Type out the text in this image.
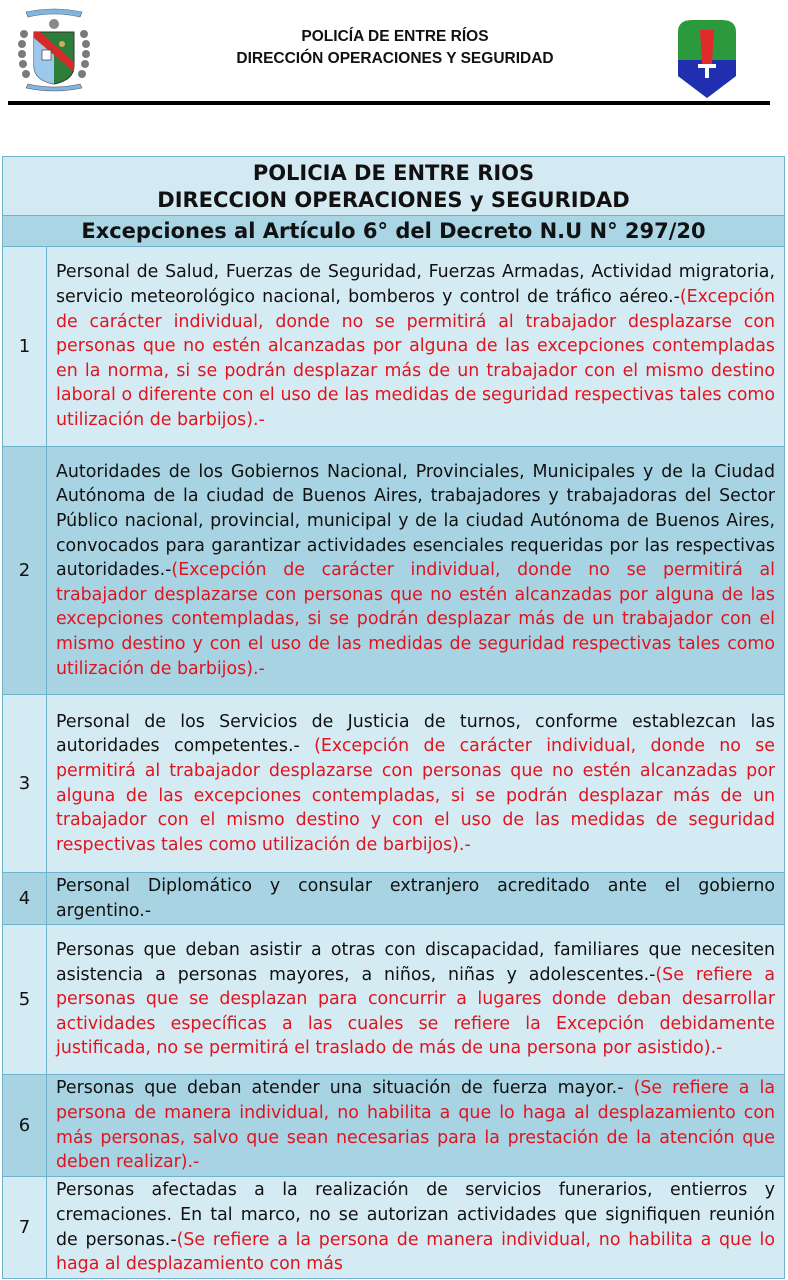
POLICÍA DE ENTRE RÍOS
DIRECCIÓN OPERACIONES Y SEGURIDAD
POLICIA DE ENTRE RIOS
DIRECCION OPERACIONES y SEGURIDAD	

Excepciones al Artículo 6° del Decreto N.U N° 297/20	
1	Personal de Salud, Fuerzas de Seguridad, Fuerzas Armadas, Actividad migratoria, servicio meteorológico nacional, bomberos y control de tráfico aéreo.-(Excepción de carácter individual, donde no se permitirá al trabajador desplazarse con personas que no estén alcanzadas por alguna de las excepciones contempladas en la norma, si se podrán desplazar más de un trabajador con el mismo destino laboral o diferente con el uso de las medidas de seguridad respectivas tales como utilización de barbijos).-
2	Autoridades de los Gobiernos Nacional, Provinciales, Municipales y de la Ciudad Autónoma de la ciudad de Buenos Aires, trabajadores y trabajadoras del Sector Público nacional, provincial, municipal y de la ciudad Autónoma de Buenos Aires, convocados para garantizar actividades esenciales requeridas por las respectivas autoridades.-(Excepción de carácter individual, donde no se permitirá al trabajador desplazarse con personas que no estén alcanzadas por alguna de las excepciones contempladas, si se podrán desplazar más de un trabajador con el mismo destino y con el uso de las medidas de seguridad respectivas tales como utilización de barbijos).-
3	Personal de los Servicios de Justicia de turnos, conforme establezcan las autoridades competentes.- (Excepción de carácter individual, donde no se permitirá al trabajador desplazarse con personas que no estén alcanzadas por alguna de las excepciones contempladas, si se podrán desplazar más de un trabajador con el mismo destino y con el uso de las medidas de seguridad respectivas tales como utilización de barbijos).-
4	Personal Diplomático y consular extranjero acreditado ante el gobierno argentino.-
5	Personas que deban asistir a otras con discapacidad, familiares que necesiten asistencia a personas mayores, a niños, niñas y adolescentes.-(Se refiere a personas que se desplazan para concurrir a lugares donde deban desarrollar actividades específicas a las cuales se refiere la Excepción debidamente justificada, no se permitirá el traslado de más de una persona por asistido).-
6	Personas que deban atender una situación de fuerza mayor.- (Se refiere a la persona de manera individual, no habilita a que lo haga al desplazamiento con más personas, salvo que sean necesarias para la prestación de la atención que deben realizar).-
7	Personas afectadas a la realización de servicios funerarios, entierros y cremaciones. En tal marco, no se autorizan actividades que signifiquen reunión de personas.-(Se refiere a la persona de manera individual, no habilita a que lo haga al desplazamiento con más
